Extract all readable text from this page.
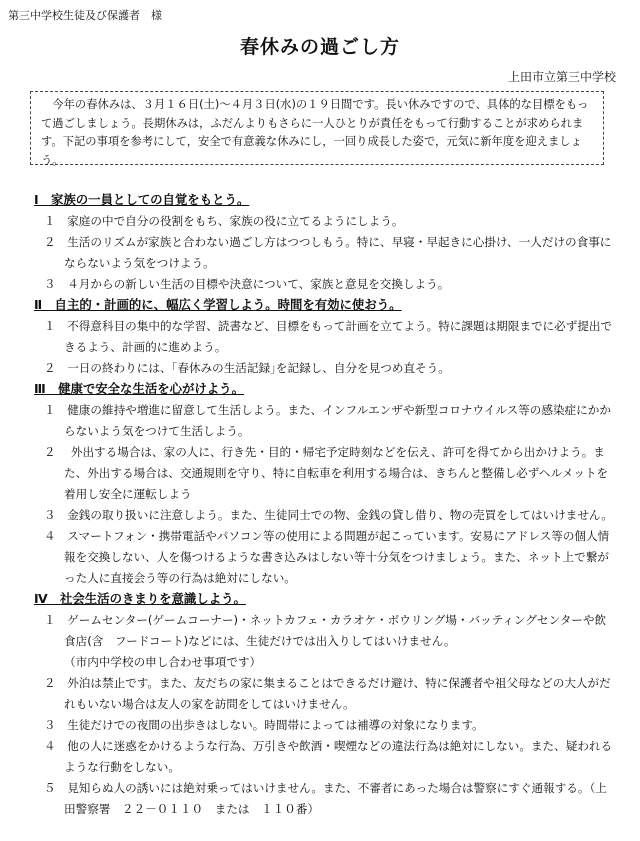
第三中学校生徒及び保護者　様
春休みの過ごし方
上田市立第三中学校

今年の春休みは、３月１６日(土)～４月３日(水)の１９日間です。長い休みですので、具体的な目標をもって過ごしましょう。長期休みは，ふだんよりもさらに一人ひとりが責任をもって行動することが求められます。下記の事項を参考にして，安全で有意義な休みにし，一回り成長した姿で，元気に新年度を迎えましょう。

Ⅰ　家族の一員としての自覚をもとう。
１　家庭の中で自分の役割をもち、家族の役に立てるようにしよう。
２　生活のリズムが家族と合わない過ごし方はつつしもう。特に、早寝・早起きに心掛け、一人だけの食事にならないよう気をつけよう。
３　４月からの新しい生活の目標や決意について、家族と意見を交換しよう。
Ⅱ　自主的・計画的に、幅広く学習しよう。時間を有効に使おう。
１　不得意科目の集中的な学習、読書など、目標をもって計画を立てよう。特に課題は期限までに必ず提出できるよう、計画的に進めよう。
２　一日の終わりには、｢春休みの生活記録｣を記録し、自分を見つめ直そう。
Ⅲ　健康で安全な生活を心がけよう。
１　健康の維持や増進に留意して生活しよう。また、インフルエンザや新型コロナウイルス等の感染症にかからないよう気をつけて生活しよう。
２　 外出する場合は、家の人に、行き先・目的・帰宅予定時刻などを伝え、許可を得てから出かけよう。また、外出する場合は、交通規則を守り、特に自転車を利用する場合は、きちんと整備し必ずヘルメットを着用し安全に運転しよう
３　金銭の取り扱いに注意しよう。また、生徒同士での物、金銭の貸し借り、物の売買をしてはいけません。
４　スマートフォン・携帯電話やパソコン等の使用による問題が起こっています。安易にアドレス等の個人情報を交換しない、人を傷つけるような書き込みはしない等十分気をつけましょう。また、ネット上で繋がった人に直接会う等の行為は絶対にしない。
Ⅳ　社会生活のきまりを意識しよう。
１　ゲームセンター(ゲームコーナー)・ネットカフェ・カラオケ・ボウリング場・バッティングセンターや飲食店(含　フードコート)などには、生徒だけでは出入りしてはいけません。
（市内中学校の申し合わせ事項です）
２　外泊は禁止です。また、友だちの家に集まることはできるだけ避け、特に保護者や祖父母などの大人がだれもいない場合は友人の家を訪問をしてはいけません。
３　生徒だけでの夜間の出歩きはしない。時間帯によっては補導の対象になります。
４　他の人に迷惑をかけるような行為、万引きや飲酒・喫煙などの違法行為は絶対にしない。また、疑われるような行動をしない。
５　見知らぬ人の誘いには絶対乗ってはいけません。また、不審者にあった場合は警察にすぐ通報する。（上田警察署　２２－０１１０　または　１１０番）
